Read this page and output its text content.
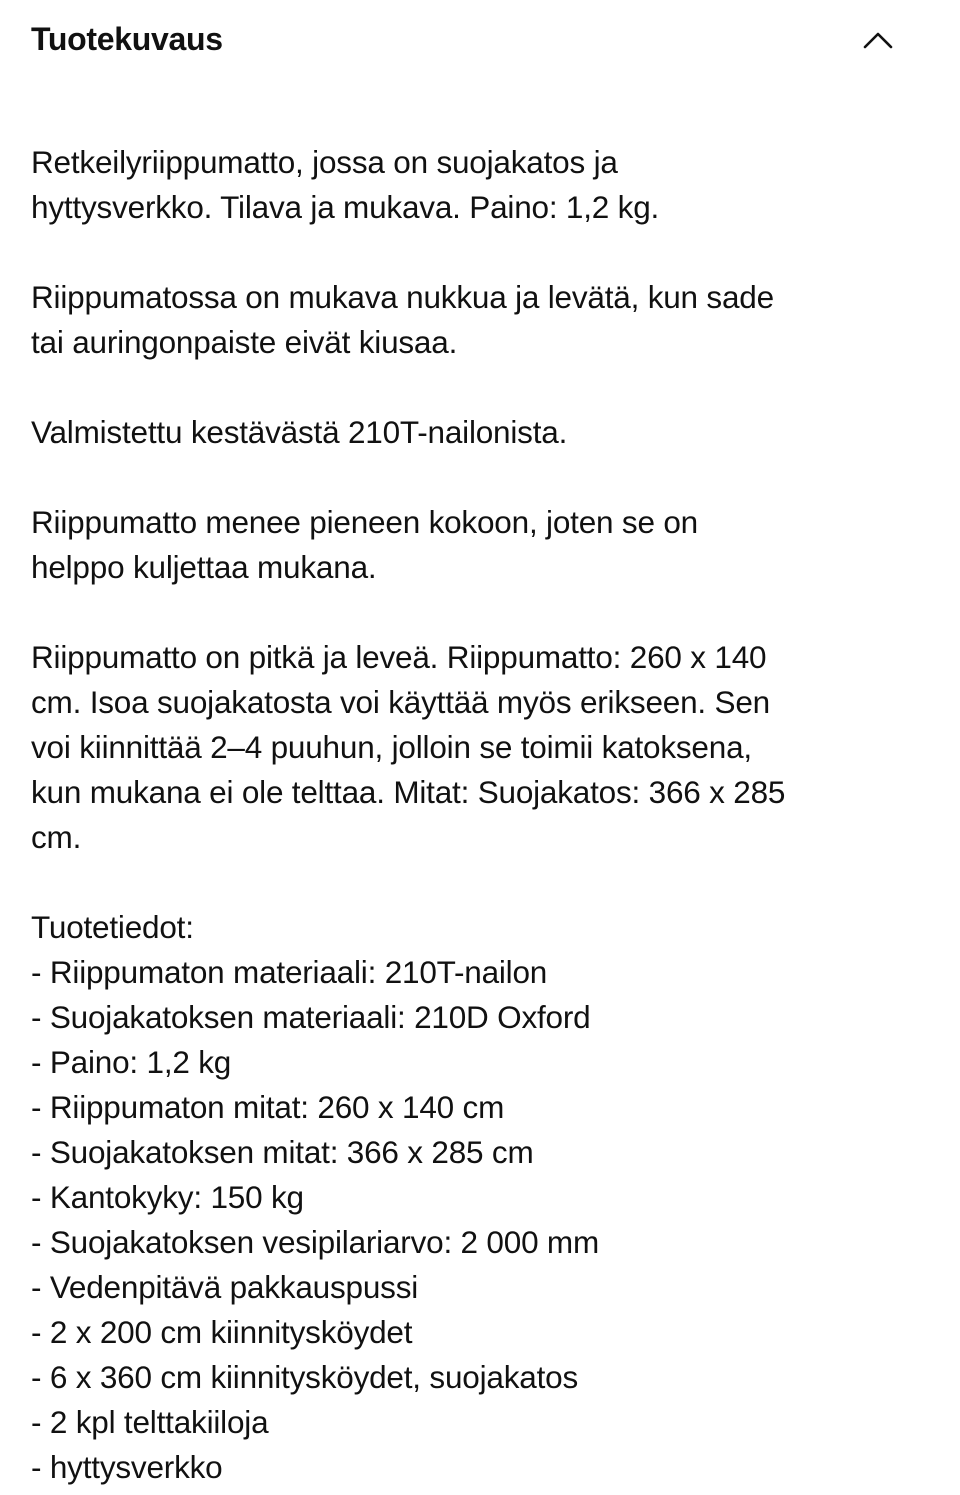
Tuotekuvaus

Retkeilyriippumatto, jossa on suojakatos ja
hyttysverkko. Tilava ja mukava. Paino: 1,2 kg.

Riippumatossa on mukava nukkua ja levätä, kun sade
tai auringonpaiste eivät kiusaa.

Valmistettu kestävästä 210T-nailonista.

Riippumatto menee pieneen kokoon, joten se on
helppo kuljettaa mukana.

Riippumatto on pitkä ja leveä. Riippumatto: 260 x 140
cm. Isoa suojakatosta voi käyttää myös erikseen. Sen
voi kiinnittää 2–4 puuhun, jolloin se toimii katoksena,
kun mukana ei ole telttaa. Mitat: Suojakatos: 366 x 285
cm.

Tuotetiedot:

- Riippumaton materiaali: 210T-nailon
- Suojakatoksen materiaali: 210D Oxford
- Paino: 1,2 kg
- Riippumaton mitat: 260 x 140 cm
- Suojakatoksen mitat: 366 x 285 cm
- Kantokyky: 150 kg
- Suojakatoksen vesipilariarvo: 2 000 mm
- Vedenpitävä pakkauspussi
- 2 x 200 cm kiinnitysköydet
- 6 x 360 cm kiinnitysköydet, suojakatos
- 2 kpl telttakiiloja
- hyttysverkko
